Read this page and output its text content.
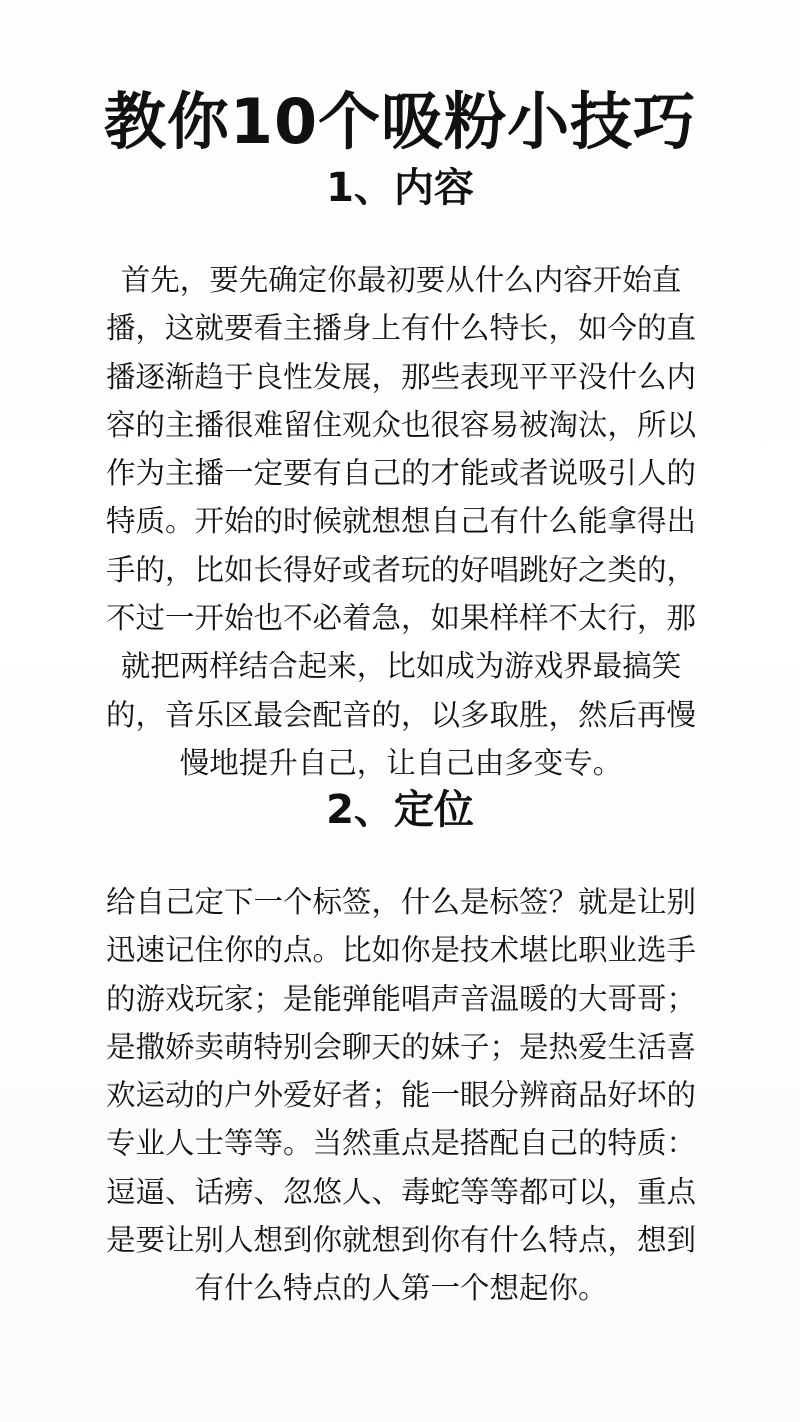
教你10个吸粉小技巧
1、内容

首先，要先确定你最初要从什么内容开始直播，这就要看主播身上有什么特长，如今的直播逐渐趋于良性发展，那些表现平平没什么内容的主播很难留住观众也很容易被淘汰，所以作为主播一定要有自己的才能或者说吸引人的特质。开始的时候就想想自己有什么能拿得出手的，比如长得好或者玩的好唱跳好之类的，不过一开始也不必着急，如果样样不太行，那就把两样结合起来，比如成为游戏界最搞笑的，音乐区最会配音的，以多取胜，然后再慢慢地提升自己，让自己由多变专。

2、定位

给自己定下一个标签，什么是标签？就是让别迅速记住你的点。比如你是技术堪比职业选手的游戏玩家；是能弹能唱声音温暖的大哥哥；是撒娇卖萌特别会聊天的妹子；是热爱生活喜欢运动的户外爱好者；能一眼分辨商品好坏的专业人士等等。当然重点是搭配自己的特质：逗逼、话痨、忽悠人、毒蛇等等都可以，重点是要让别人想到你就想到你有什么特点，想到有什么特点的人第一个想起你。
